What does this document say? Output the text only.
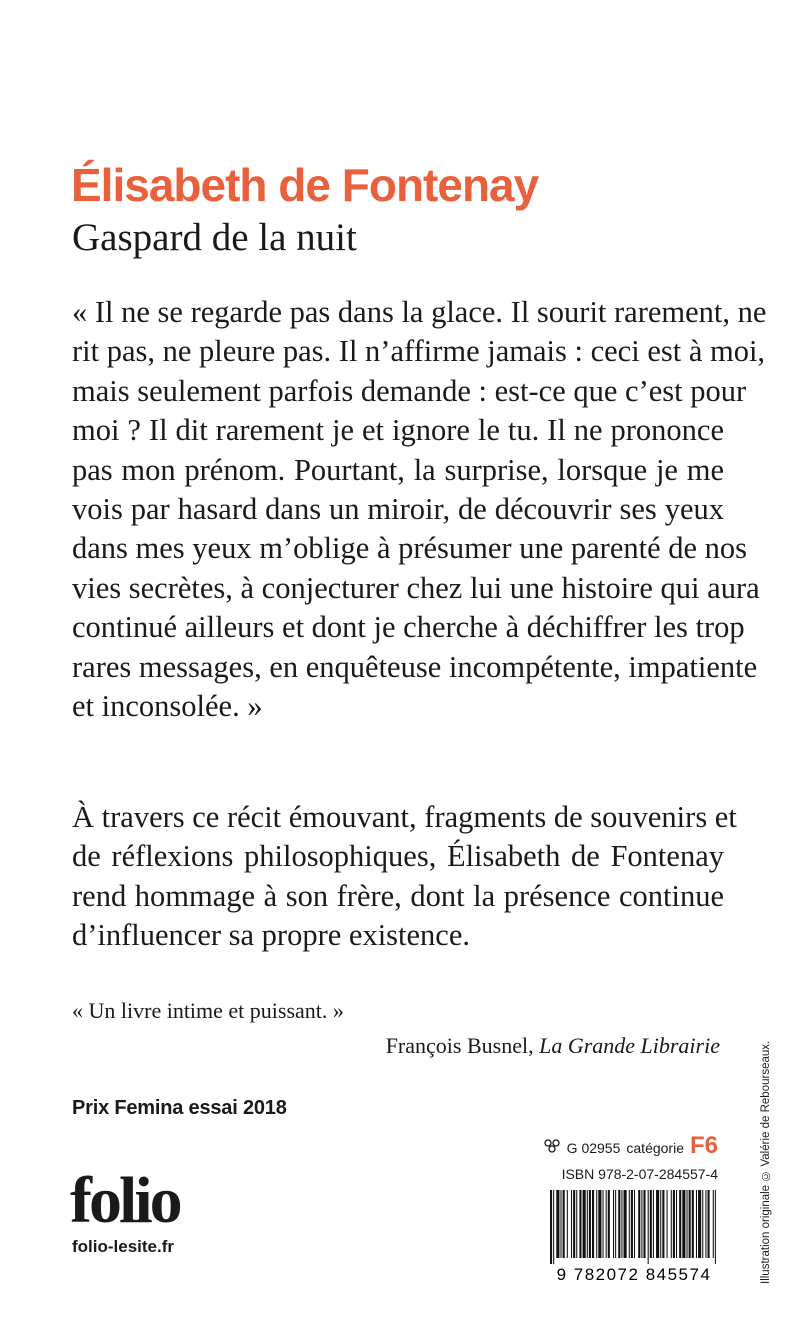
Élisabeth de Fontenay
Gaspard de la nuit
« Il ne se regarde pas dans la glace. Il sourit rarement, ne
rit pas, ne pleure pas. Il n’affirme jamais : ceci est à moi,
mais seulement parfois demande : est-ce que c’est pour
moi ? Il dit rarement je et ignore le tu. Il ne prononce
pas mon prénom. Pourtant, la surprise, lorsque je me
vois par hasard dans un miroir, de découvrir ses yeux
dans mes yeux m’oblige à présumer une parenté de nos
vies secrètes, à conjecturer chez lui une histoire qui aura
continué ailleurs et dont je cherche à déchiffrer les trop
rares messages, en enquêteuse incompétente, impatiente
et inconsolée. »
À travers ce récit émouvant, fragments de souvenirs et
de réflexions philosophiques, Élisabeth de Fontenay
rend hommage à son frère, dont la présence continue
d’influencer sa propre existence.
« Un livre intime et puissant. »
François Busnel, La Grande Librairie
Prix Femina essai 2018
folio
folio-lesite.fr
G 02955 catégorie F6
ISBN 978-2-07-284557-4
9 782072 845574	Illustration originale © Valérie de Rebourseaux.
